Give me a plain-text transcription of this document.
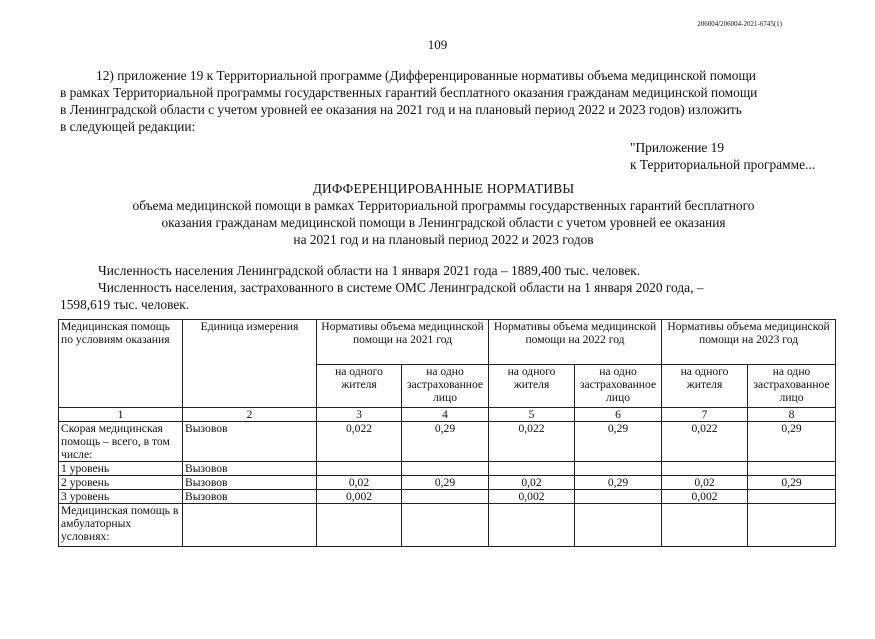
206004/206004-2021-6745(1)
109
12) приложение 19 к Территориальной программе (Дифференцированные нормативы объема медицинской помощи
в рамках Территориальной программы государственных гарантий бесплатного оказания гражданам медицинской помощи
в Ленинградской области с учетом уровней ее оказания на 2021 год и на плановый период 2022 и 2023 годов) изложить
в следующей редакции:
"Приложение 19
к Территориальной программе...
ДИФФЕРЕНЦИРОВАННЫЕ НОРМАТИВЫ
объема медицинской помощи в рамках Территориальной программы государственных гарантий бесплатного
оказания гражданам медицинской помощи в Ленинградской области с учетом уровней ее оказания
на 2021 год и на плановый период 2022 и 2023 годов
Численность населения Ленинградской области на 1 января 2021 года – 1889,400 тыс. человек.
Численность населения, застрахованного в системе ОМС Ленинградской области на 1 января 2020 года, –
1598,619 тыс. человек.
Медицинская помощь по условиям оказания	Единица измерения	Нормативы объема медицинской помощи на 2021 год		Нормативы объема медицинской помощи на 2022 год		Нормативы объема медицинской помощи на 2023 год	
		на одного жителя	на одно застрахованное лицо	на одного жителя	на одно застрахованное лицо	на одного жителя	на одно застрахованное лицо
1	2	3	4	5	6	7	8
Скорая медицинская помощь – всего, в том числе:	Вызовов	0,022	0,29	0,022	0,29	0,022	0,29
1 уровень	Вызовов						
2 уровень	Вызовов	0,02	0,29	0,02	0,29	0,02	0,29
3 уровень	Вызовов	0,002		0,002		0,002	
Медицинская помощь в амбулаторных условиях:							
